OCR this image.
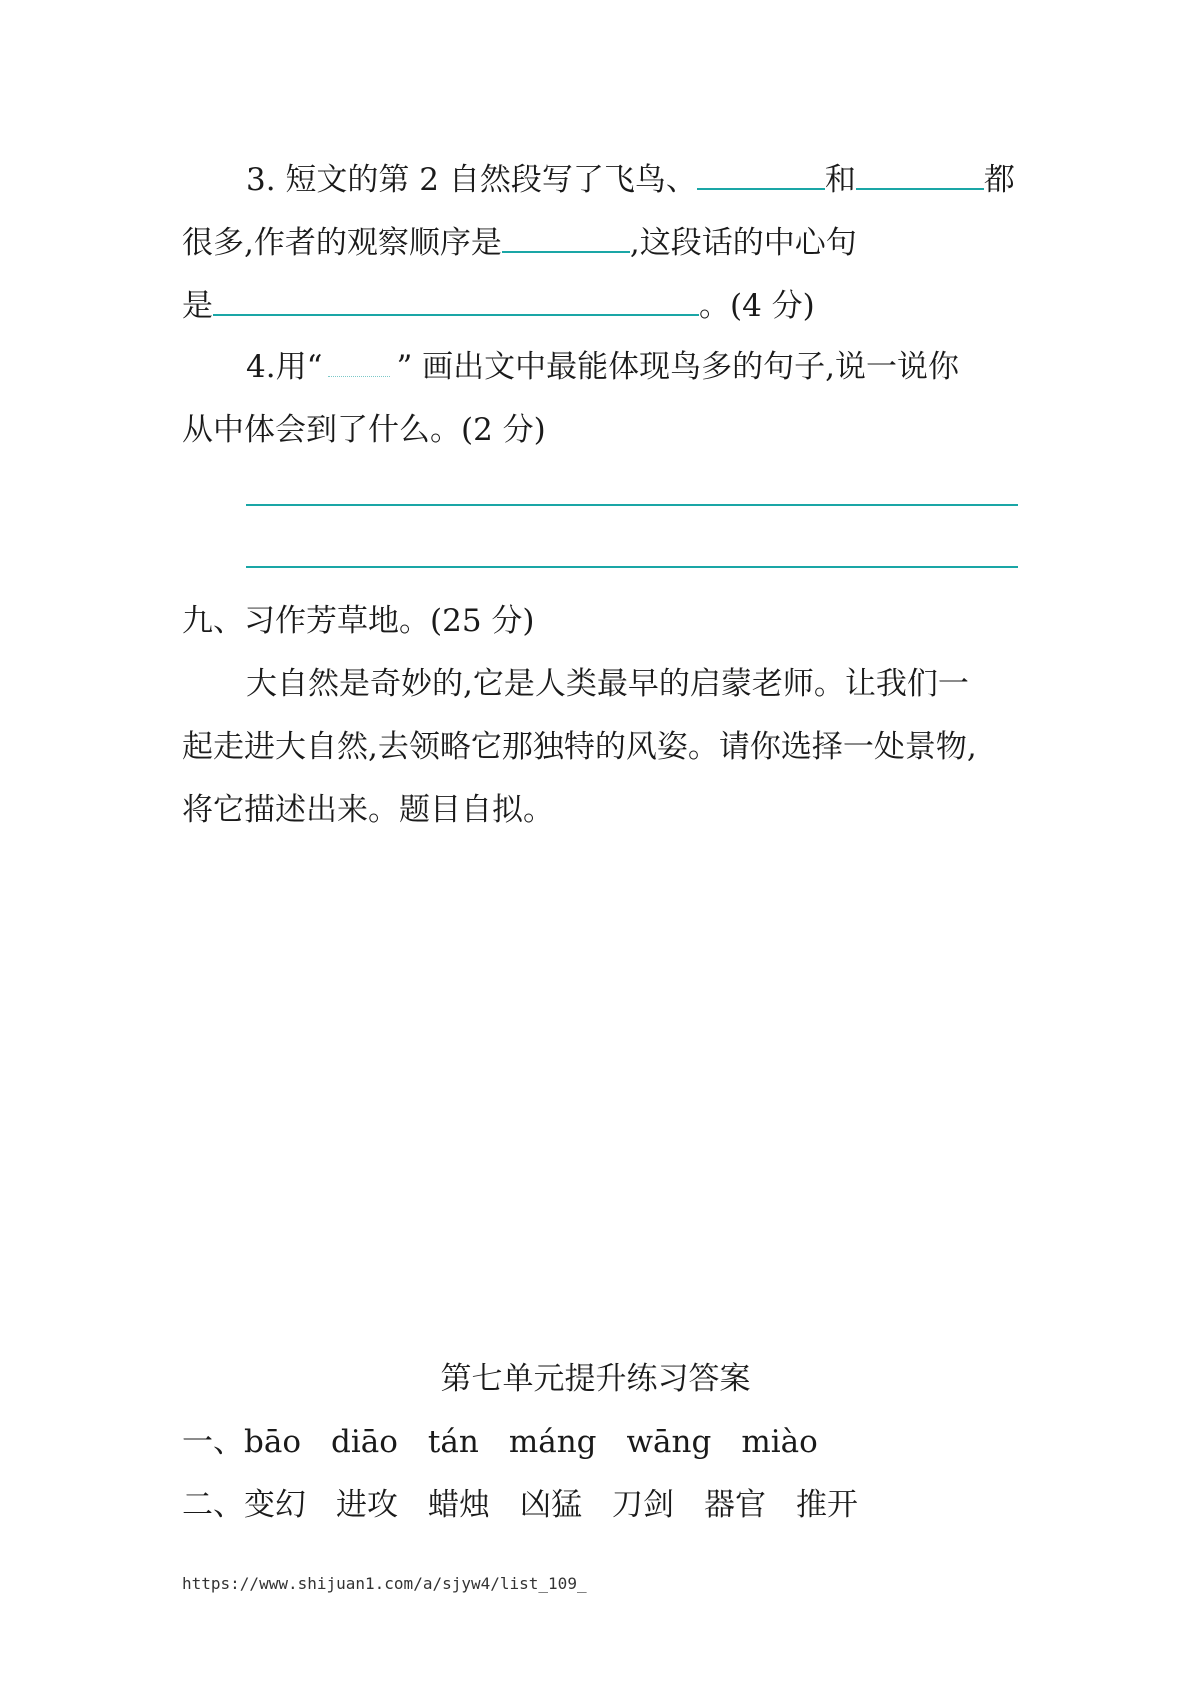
3. 短文的第 2 自然段写了飞鸟、	和	都
很多,作者的观察顺序是	,这段话的中心句
是	。(4 分)
4.用“ ” 画出文中最能体现鸟多的句子,说一说你
从中体会到了什么。(2 分)
九、习作芳草地。(25 分)
大自然是奇妙的,它是人类最早的启蒙老师。让我们一
起走进大自然,去领略它那独特的风姿。请你选择一处景物,
将它描述出来。题目自拟。
第七单元提升练习答案
一、bāo diāo tán máng wāng miào
二、变幻 进攻 蜡烛 凶猛 刀剑 器官 推开
https://www.shijuan1.com/a/sjyw4/list_109_
